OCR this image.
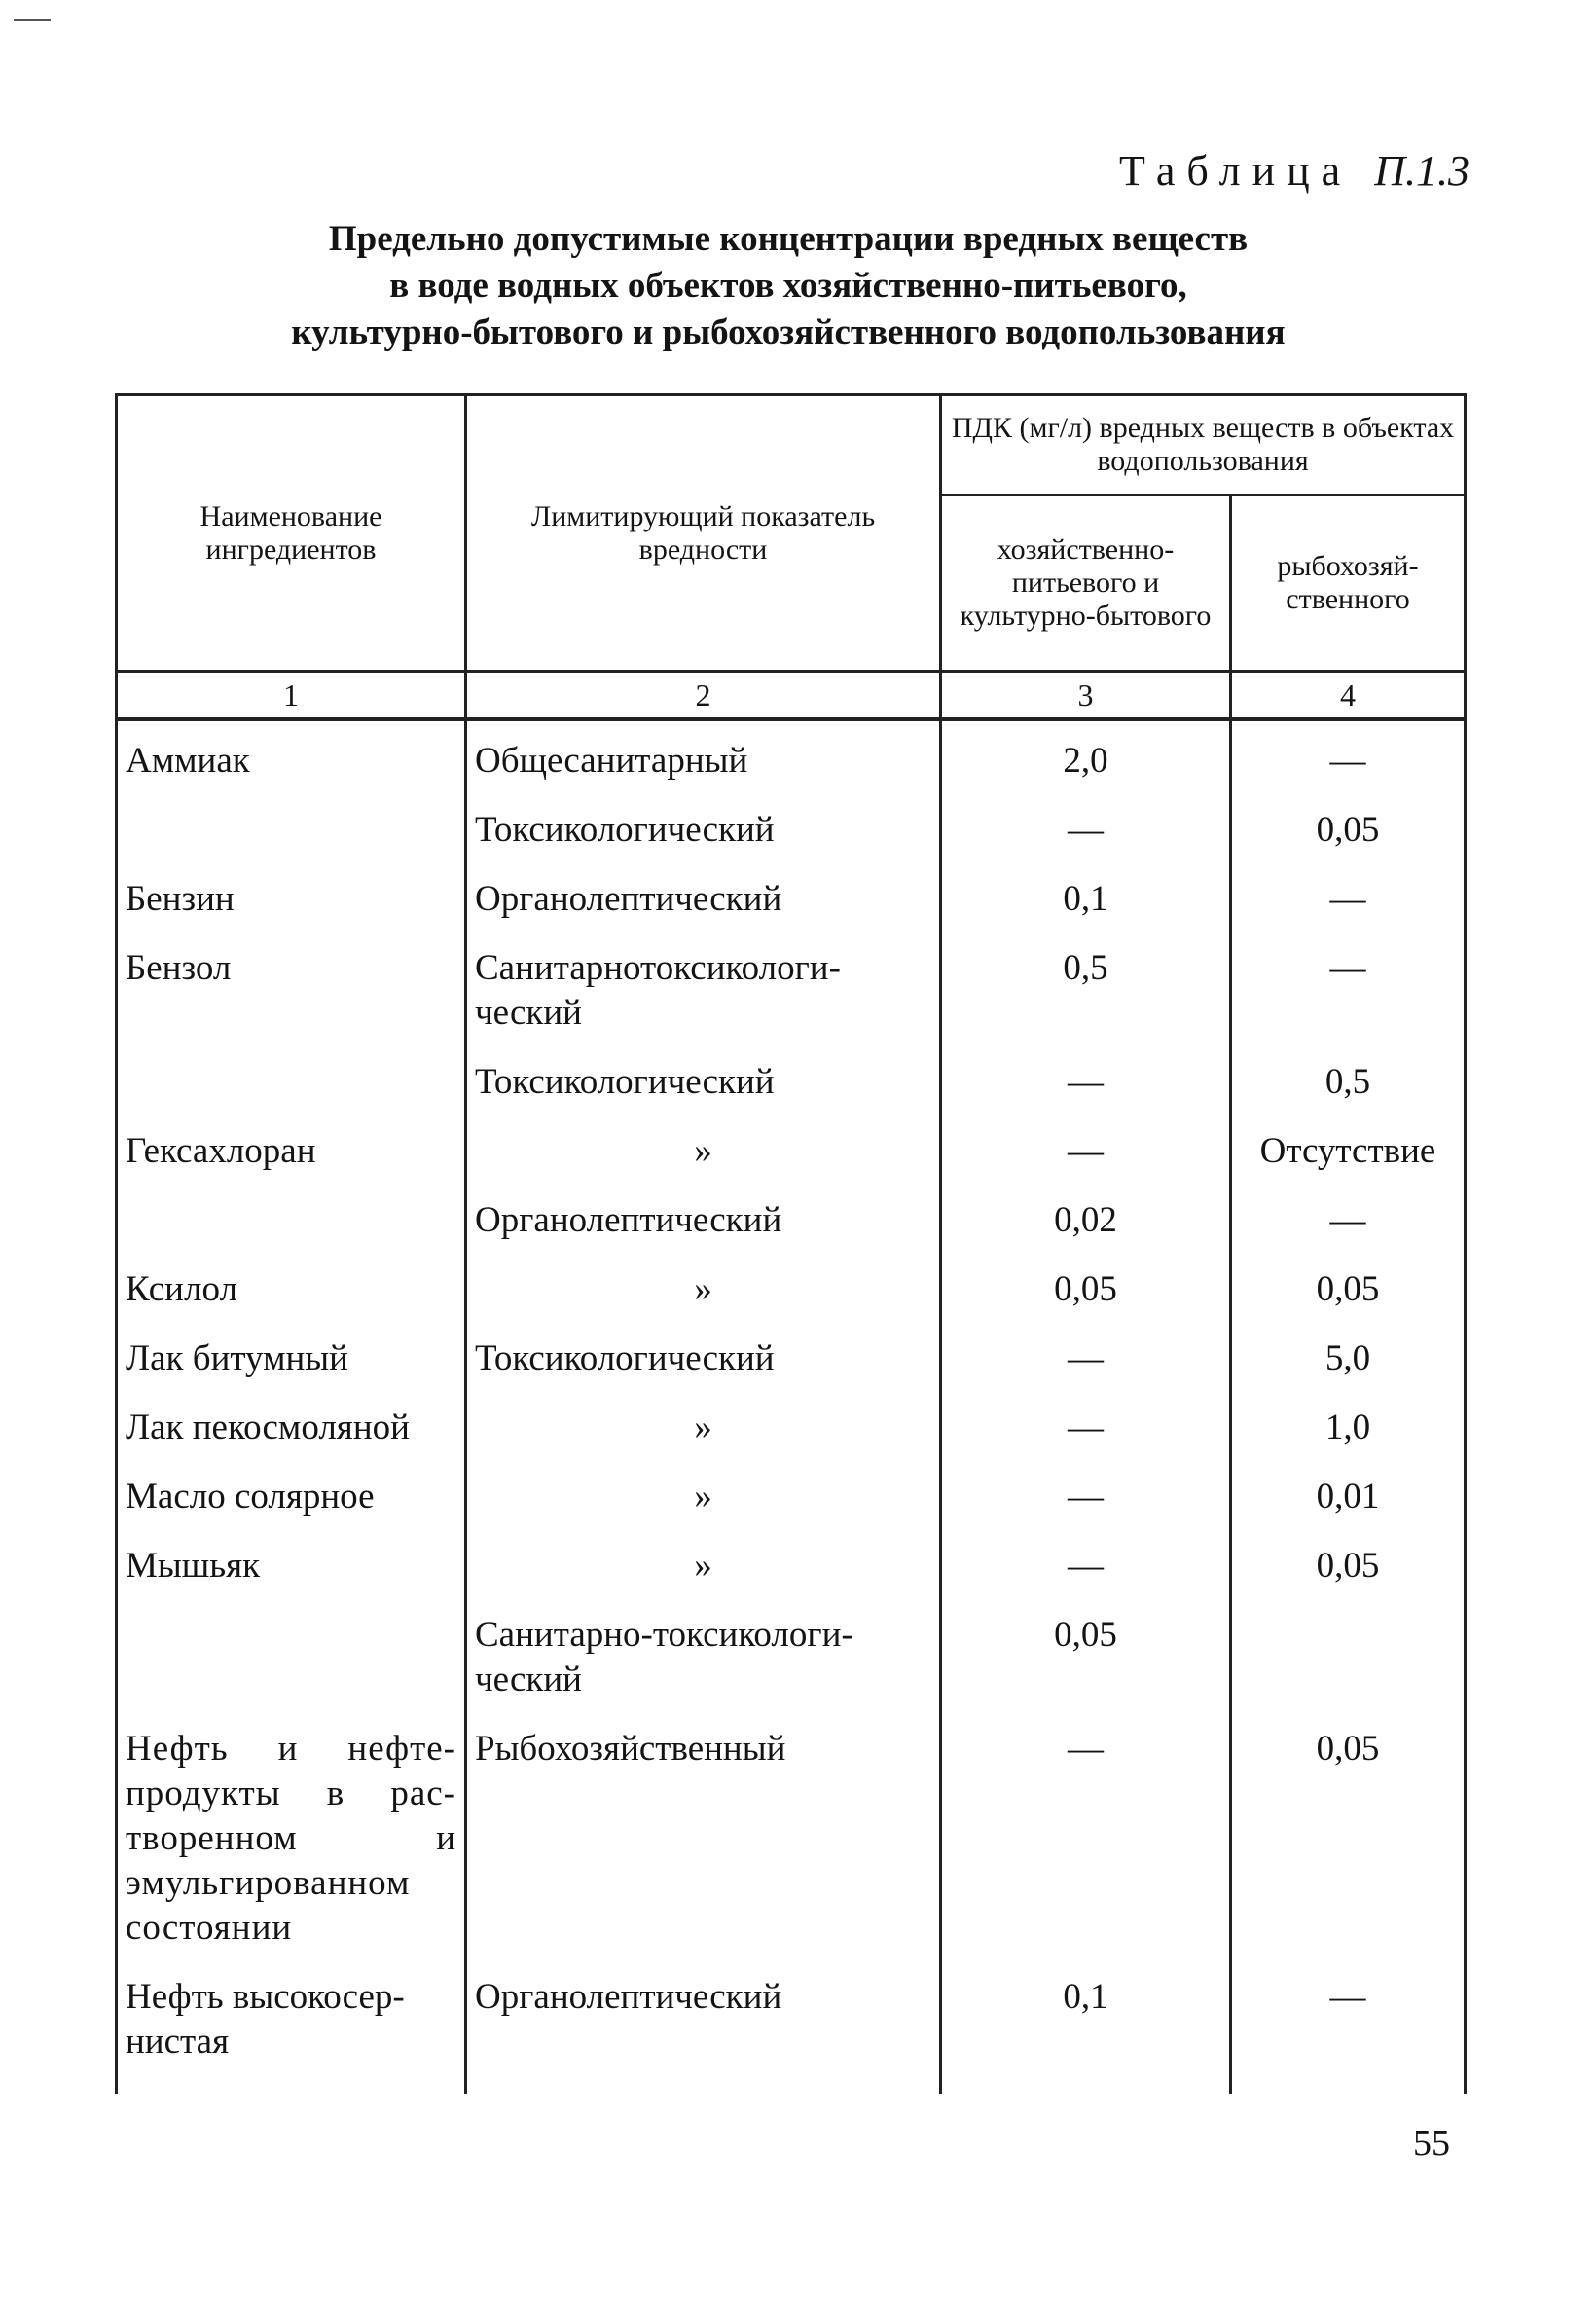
Таблица П.1.3
Предельно допустимые концентрации вредных веществ
в воде водных объектов хозяйственно-питьевого,
культурно-бытового и рыбохозяйственного водопользования
Наименование ингредиентов	Лимитирующий показатель вредности	ПДК (мг/л) вредных веществ в объектах водопользования	
		хозяйственно-питьевого и культурно-бытового	рыбохозяй-ственного
1	2	3	4
Аммиак	Общесанитарный	2,0	—
	Токсикологический	—	0,05
Бензин	Органолептический	0,1	—
Бензол	Санитарнотоксикологи-ческий	0,5	—
	Токсикологический	—	0,5
Гексахлоран	»	—	Отсутствие
	Органолептический	0,02	—
Ксилол	»	0,05	0,05
Лак битумный	Токсикологический	—	5,0
Лак пекосмоляной	»	—	1,0
Масло солярное	»	—	0,01
Мышьяк	»	—	0,05
	Санитарно-токсикологи-ческий	0,05	
Нефть и нефте-продукты в рас-творенном и эмульгированном состоянии	Рыбохозяйственный	—	0,05
Нефть высокосер-нистая	Органолептический	0,1	—
55
